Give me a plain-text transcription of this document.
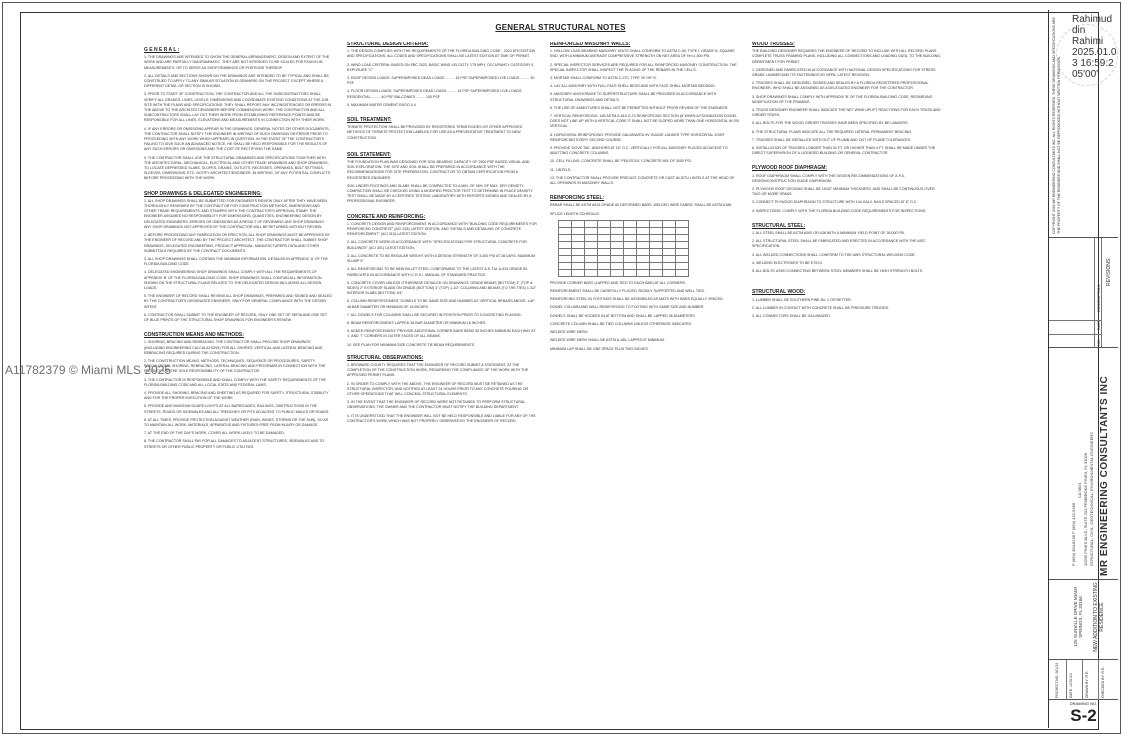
GENERAL STRUCTURAL NOTES
G E N E R A L :
1. THE DRAWINGS ARE INTENDED TO SHOW THE GENERAL ARRANGEMENT, DESIGN AND EXTENT OF THE WORK AND ARE PARTIALLY DIAGRAMMATIC. THEY ARE NOT INTENDED TO BE SCALED FOR ROUGH-IN MEASUREMENTS, OR TO SERVE AS SHOP DRAWINGS OR PORTIONS THEREOF.
2. ALL DETAILS AND SECTIONS SHOWN ON THE DRAWINGS ARE INTENDED TO BE TYPICAL AND SHALL BE CONSTRUED TO APPLY TO ANY SIMILAR SITUATION ELSEWHERE ON THE PROJECT, EXCEPT WHERE A DIFFERENT DETAIL OR SECTION IS SHOWN.
3. PRIOR TO START OF CONSTRUCTION, THE CONTRACTOR AND ALL THE SUBCONTRACTORS SHALL VERIFY ALL GRADES, LINES, LEVELS, DIMENSIONS AND COORDINATE EXISTING CONDITIONS AT THE JOB SITE WITH THE PLANS AND SPECIFICATIONS. THEY SHALL REPORT ANY INCONSISTENCIES OR ERRORS IN THE ABOVE TO THE ARCHITECT/ENGINEER BEFORE COMMENCING WORK. THE CONTRACTOR AND ALL SUBCONTRACTORS SHALL LAY OUT THEIR WORK FROM ESTABLISHED REFERENCE POINTS AND BE RESPONSIBLE FOR ALL LINES, ELEVATIONS AND MEASUREMENTS IN CONNECTION WITH THEIR WORK.
4. IF ANY ERRORS OR OMISSIONS APPEAR IN THE DRAWINGS, GENERAL NOTES OR OTHER DOCUMENTS, THE CONTRACTOR SHALL NOTIFY THE ENGINEER IN WRITING OF SUCH OMISSION OR ERROR PRIOR TO PROCEEDING WITH ANY WORK WHICH APPEARS IN QUESTION. IN THE EVENT OF THE CONTRACTOR'S FAILING TO GIVE SUCH AN ADVANCED NOTICE, HE SHALL BE HELD RESPONSIBLE FOR THE RESULTS OF ANY SUCH ERRORS OR OMISSIONS AND THE COST OF RECTIFYING THE SAME.
5. THE CONTRACTOR SHALL USE THE STRUCTURAL DRAWINGS AND SPECIFICATIONS TOGETHER WITH THE ARCHITECTURAL, MECHANICAL, ELECTRICAL AND OTHER TRADE DRAWINGS AND SHOP DRAWINGS, TO LOCATE DEPRESSED SLABS, SLOPES, DRAINS, OUTLETS, RECESSES, OPENINGS, BOLT SETTINGS, SLEEVES, DIMENSIONS, ETC. NOTIFY ARCHITECT/ENGINEER, IN WRITING, OF ANY POTENTIAL CONFLICTS BEFORE PROCEEDING WITH THE WORK.
SHOP DRAWINGS & DELEGATED ENGINEERING:
1. ALL SHOP DRAWINGS SHALL BE SUBMITTED FOR ENGINEER'S REVIEW ONLY AFTER THEY HAVE BEEN THOROUGHLY REVIEWED BY THE CONTRACTOR FOR CONSTRUCTION METHODS, DIMENSIONS AND OTHER TRADE REQUIREMENTS, AND STAMPED WITH THE CONTRACTOR'S APPROVAL STAMP. THE ENGINEER ASSUMES NO RESPONSIBILITY FOR DIMENSIONS, QUANTITIES, ENGINEERING DESIGN BY DELEGATED ENGINEERS, ERRORS OR OMISSIONS AS A RESULT OF REVIEWING ANY SHOP DRAWINGS. ANY SHOP DRAWINGS NOT APPROVED BY THE CONTRACTOR WILL BE RETURNED WITHOUT REVIEW.
2. BEFORE PROCEEDING ANY FABRICATION OR ERECTION, ALL SHOP DRAWINGS MUST BE APPROVED BY THE ENGINEER OF RECORD AND BY THE PROJECT ARCHITECT. THE CONTRACTOR SHALL SUBMIT SHOP DRAWINGS, DELEGATED ENGINEERING, PRODUCT APPROVAL, MANUFACTURERS DATA AND OTHER SUBMITTALS REQUIRED BY THE CONTRACT DOCUMENTS.
3. ALL SHOP DRAWINGS SHALL CONTAIN THE MINIMUM INFORMATION, DETAILED IN APPENDIX 'A' OF THE FLORIDA BUILDING CODE.
4. DELEGATED ENGINEERING SHOP DRAWINGS SHALL COMPLY WITH ALL THE REQUIREMENTS OF APPENDIX 'B' OF THE FLORIDA BUILDING CODE. SHOP DRAWINGS SHALL CONTAIN ALL INFORMATION SHOWN ON THE STRUCTURAL PLANS RELATED TO THE DELEGATED DESIGN INCLUDING ALL DESIGN LOADS.
5. THE ENGINEER OF RECORD SHALL REVIEW ALL SHOP DRAWINGS, PREPARED AND SIGNED AND SEALED BY THE CONTRACTOR'S DESIGNATED ENGINEER. ONLY FOR GENERAL COMPLIANCE WITH THE DESIGN INTENT.
6. CONTRACTOR SHALL SUBMIT TO THE ENGINEER OF RECORD, ONLY ONE SET OF SEPIA AND ONE SET OF BLUE PRINTS OF THE STRUCTURAL SHOP DRAWINGS FOR ENGINEER'S REVIEW.
CONSTRUCTION MEANS AND METHODS:
1. SHORING, BRACING AND REBRACING: THE CONTRACTOR SHALL PROVIDE SHOP DRAWINGS (INCLUDING ENGINEERING CALCULATIONS) FOR ALL SHORES, VERTICAL AND LATERAL BRACING AND REBRACING REQUIRED DURING THE CONSTRUCTION.
2. THE CONSTRUCTION MEANS, METHODS, TECHNIQUES, SEQUENCE OR PROCEDURES, SAFETY PRECAUTIONS, SHORING, REBRACING, LATERAL BRACING AND PROGRAMS IN CONNECTION WITH THE PROJECT, ARE THE SOLE RESPONSIBILITY OF THE CONTRACTOR.
3. THE CONTRACTOR IS RESPONSIBLE AND SHALL COMPLY WITH THE SAFETY REQUIREMENTS OF THE FLORIDA BUILDING CODE AND ALL LOCAL STATE AND FEDERAL LAWS.
4. PROVIDE ALL SHORING, BRACING AND SHEETING AS REQUIRED FOR SAFETY, STRUCTURAL STABILITY AND FOR THE PROPER EXECUTION OF THE WORK.
5. PROVIDE AND MAINTAIN GUARD LIGHTS AT ALL BARRICADES, RAILINGS, OBSTRUCTIONS IN THE STREETS, ROADS OR SIDEWALKS AND ALL TRENCHES OR PITS ADJACENT TO PUBLIC WALKS OR ROADS.
6. AT ALL TIMES, PROVIDE PROTECTION AGAINST WEATHER (RAIN, WINDS, STORMS OR THE SUN), SO AS TO MAINTAIN ALL WORK, MATERIALS, APPARATUS AND FIXTURES FREE FROM INJURY OR DAMAGE.
7. AT THE END OF THE DAY'S WORK, COVER ALL WORK LIKELY TO BE DAMAGED.
8. THE CONTRACTOR SHALL PAY FOR ALL DAMAGES TO ADJACENT STRUCTURES, SIDEWALKS AND TO STREETS OR OTHER PUBLIC PROPERTY OR PUBLIC UTILITIES.
STRUCTURAL DESIGN CRITERIA:
1. THE DESIGN COMPLIES WITH THE REQUIREMENTS OF THE FLORIDA BUILDING CODE - 2023 8TH EDITION AND SPECIFICATIONS. ALL CODES AND SPECIFICATIONS SHALL BE LATEST EDITION AT TIME OF PERMIT.
2. WIND LOAD CRITERIA: BASED ON FBC 2023. BASIC WIND VELOCITY 175 MPH, OCCUPANCY CATEGORY II, EXPOSURE "C"
3. ROOF DESIGN LOADS: SUPERIMPOSED DEAD LOADS ......... 15 PSF SUPERIMPOSED LIVE LOADS ......... 30 PSF
4. FLOOR DESIGN LOADS: SUPERIMPOSED DEAD LOADS ......... 15 PSF SUPERIMPOSED LIVE LOADS: RESIDENTIAL ......... 40 PSF BALCONIES ......... 100 PSF
5. MAXIMUM WATER CEMENT RATIO 0.4
SOIL TREATMENT:
TERMITE PROTECTION SHALL BE PROVIDED BY REGISTERED TERMITICIDES OR OTHER APPROVED METHODS OF TERMITE PROTECTION LABELED FOR USE AS A PREVENTATIVE TREATMENT TO NEW CONSTRUCTION.
SOIL STATEMENT:
THE FOUNDATION PLAN WAS DESIGNED FOR SOIL BEARING CAPACITY OF 2500 PSF BASED VISUAL AND SOIL EXPLORATION. THE SITE AND SOIL SHALL BE PREPARED IN ACCORDANCE WITH THE RECOMMENDATIONS FOR SITE PREPARATION. CONTRACTOR TO OBTAIN CERTIFICATION FROM A REGISTERED ENGINEER.
SOIL UNDER FOOTINGS AND SLABS SHALL BE COMPACTED TO A MIN. OF 95% OF MAX. DRY DENSITY. COMPACTION SHALL BE CHECKED USING A MODIFIED PROCTOR TEST TO DETERMINE IN PLACE DENSITY. TEST SHALL BE MADE BY A CERTIFIED TESTING LABORATORY WITH REPORTS SIGNED AND SEALED BY A PROFESSIONAL ENGINEER.
CONCRETE AND REINFORCING:
1. CONCRETE DESIGN AND REINFORCEMENT IN ACCORDANCE WITH "BUILDING CODE REQUIREMENTS FOR REINFORCED CONCRETE" (ACI 318) LATEST EDITION, AND "DETAILS AND DETAILING OF CONCRETE REINFORCEMENT" (ACI 315) LATEST EDITION.
2. ALL CONCRETE WORK IN ACCORDANCE WITH "SPECIFICATIONS FOR STRUCTURAL CONCRETE FOR BUILDINGS" (ACI 301) LATEST EDITION.
3. ALL CONCRETE TO BE REGULAR WEIGHT WITH A DESIGN STRENGTH OF 3,000 PSI AT 28 DAYS. MAXIMUM SLUMP 5".
4. ALL REINFORCING TO BE NEW BILLET STEEL CONFORMING TO THE LATEST A.S.T.M. A-615 GRADE 60. FABRICATED IN ACCORDANCE WITH C.R.S.I. MANUAL OF STANDARD PRACTICE.
5. CONCRETE COVER UNLESS OTHERWISE DETAILED ON DRAWINGS: GRADE BEAMS (BOTTOM) 3" (TOP & SIDES) 2" EXTERIOR SLABS ON GRADE (BOTTOM) 3" (TOP) 1-1/2" COLUMNS AND BEAMS (TO THE TIES) 1-1/2" INTERIOR SLABS (BOTTOM) 3/4"
6. COLUMN REINFORCEMENT: DOWELS TO BE SAME SIZE AND NUMBER AS VERTICAL REBARS ABOVE. LAP 48 BAR DIAMETER OR MINIMUM OF 18 INCHES.
7. ALL DOWELS FOR COLUMNS SHALL BE SECURED IN POSITION PRIOR TO CONCRETING PLACING.
8. BEAM REINFORCEMENT: LAPPED 36 BAR DIAMETER OR MINIMUM 18 INCHES.
9. ADDED REINFORCEMENT: PROVIDE ADDITIONAL CORNER BARS BEND 30 INCHES MINIMUM EACH WAY AT 'L' AND 'T' CORNERS IN OUTER FACES OF ALL BEAMS.
10. SEE PLAN FOR MINIMUM SIZE CONCRETE TIE BEAM REQUIREMENTS.
STRUCTURAL OBSERVATIONS:
1. BROWARD COUNTY REQUIRES THAT THE ENGINEER OF RECORD SUBMIT A STATEMENT, AT THE COMPLETION OF THE CONSTRUCTION WORK, REGARDING THE COMPLIANCE OF THE WORK WITH THE APPROVED PERMIT PLANS.
2. IN ORDER TO COMPLY WITH THE ABOVE, THE ENGINEER OF RECORD MUST BE RETAINED AS THE STRUCTURAL INSPECTOR, AND NOTIFIED AT LEAST 24 HOURS PRIOR TO ANY CONCRETE POURING OR OTHER OPERATIONS THAT WILL CONCEAL STRUCTURAL ELEMENTS.
3. IN THE EVENT THAT THE ENGINEER OF RECORD WERE NOT RETAINED TO PERFORM STRUCTURAL OBSERVATIONS, THE OWNER AND THE CONTRACTOR MUST NOTIFY THE BUILDING DEPARTMENT.
4. IT IS UNDERSTOOD THAT THE ENGINEER WILL NOT BE HELD RESPONSIBLE AND LIABLE FOR ANY OF THE CONTRACTOR'S WORK WHICH WAS NOT PROPERLY OBSERVED BY THE ENGINEER OF RECORD.
REINFORCED MASONRY WALLS:
1. HOLLOW LOAD-BEARING MASONRY UNITS SHALL CONFORM TO ASTM C-90, TYPE I, GRADE N, SQUARE END, WITH A MINIMUM AVERAGE COMPRESSIVE STRENGTH ON NET AREA OF f'm=1,500 PSI.
2. SPECIAL INSPECTOR SERVICES ARE REQUIRED FOR ALL REINFORCED MASONRY CONSTRUCTION. THE SPECIAL INSPECTOR SHALL INSPECT THE PLACING OF THE REBARS IN THE CELLS.
3. MORTAR SHALL CONFORM TO ASTM C-270, TYPE 'M' OR 'S'.
4. LAY ALL MASONRY WITH FULL FACE SHELL BEDS AND WITH FACE SHELL MORTAR BEDDING.
5. MASONRY ANCHORAGE TO SUPERSTRUCTURE SHALL BE PROVIDED IN ACCORDANCE WITH STRUCTURAL DRAWINGS AND DETAILS.
6. THE USE OF ADMIXTURES SHALL NOT BE PERMITTED WITHOUT PRIOR REVIEW OF THE ENGINEER.
7. VERTICAL REINFORCING: 1#5 ASTM A-615 G-70 REINFORCING SECTION @ WHEN A FOUNDATION DOWEL DOES NOT LINE UP WITH A VERTICAL CORE IT SHALL NOT BE SLOPED MORE THAN ONE HORIZONTAL IN SIX VERTICAL.
8. HORIZONTAL REINFORCING: PROVIDE GALVANIZED 9V GUAGE LADDER TYPE HORIZONTAL JOINT REINFORCING EVERY SECOND COURSE.
9. PROVIDE 'DOVE TAIL' ANCHORS AT 16" O.C. VERTICALLY FOR ALL MASONRY PLACED ADJACENT TO ABUTTING CONCRETE COLUMNS.
10. CELL FILLING: CONCRETE SHALL BE 'PEA ROCK' CONCRETE MIX OF 3000 PSI.
11. LINTELS.
12. THE CONTRACTOR SHALL PROVIDE PRECAST CONCRETE OR CAST-IN-SITU LINTELS AT THE HEAD OF ALL OPENINGS IN MASONRY WALLS.
REINFORCING STEEL:
REBAR SHALL BE ASTM A615 GRADE 60 DEFORMED BARS. WELDED WIRE FABRIC SHALL BE ASTM A185.
SPLICE LENGTH SCHEDULE:

PROVIDE CORNER BARS (LAPPED AND TIED TO EACH BAR) AT ALL CORNERS.
REINFORCEMENT SHALL BE CAREFULLY PLACED, RIGIDLY SUPPORTED AND WELL TIED.
REINFORCING STEEL IN FOOTINGS SHALL BE ASSEMBLED AS MATS WITH BARS EQUALLY SPACED.
DOWEL COLUMN AND WALL REINFORCING TO FOOTING WITH SAME SIZE AND NUMBER.
DOWELS SHALL BE HOOKED IN AT BOTTOM AND SHALL BE LAPPED 36 DIAMETERS.
CONCRETE COLUMN SHALL BE TIED COLUMNS UNLESS OTHERWISE INDICATED.
WELDED WIRE MESH:
WELDED WIRE MESH SHALL BE ASTM A-185. LAPPED 8" MINIMUM.
MINIMUM LAP SHALL BE ONE SPACE PLUS TWO INCHES.
WOOD TRUSSES:
THE BUILDING DESIGNER REQUIRES THE ENGINEER OF RECORD TO INCLUDE WITH ALL RECORD PLANS COMPLETE TRUSS FRAMING PLANS, INCLUDING ALL CONNECTIONS AND LOADING DATA, TO THE BUILDING DEPARTMENT FOR PERMIT.
1. DESIGNED AND FABRICATED IN ACCORDANCE WITH NATIONAL DESIGN SPECIFICATIONS FOR STRESS GRADE LUMBER AND ITS FASTENINGS BY NFPA, LATEST REVISION.
2. TRUSSES SHALL BE DESIGNED, SIGNED AND SEALED BY A FLORIDA REGISTERED PROFESSIONAL ENGINEER, WHO SHALL BE ASSIGNED AS A DELEGATED ENGINEER FOR THE CONTRACTOR.
3. SHOP DRAWINGS SHALL COMPLY WITH APPENDIX 'B' OF THE FLORIDA BUILDING CODE, REGARDING MODIFICATION OF THE FRAMING.
4. TRUSS DESIGNER ENGINEER SHALL INDICATE THE NET WIND UPLIFT REACTIONS FOR EACH TRUSS AND GIRDER TRUSS.
5. ALL BOLTS FOR THE WOOD GIRDER TRUSSES HAVE BEEN SPECIFIED BY BE LANDERS.
6. THE STRUCTURAL PLANS INDICATE ALL THE REQUIRED LATERAL PERMANENT BRACING.
7. TRUSSES SHALL BE INSTALLED WITH OUT OF PLUMB AND OUT OF PLANE TOLERANCES.
8. INSTALLATION OF TRUSSES LONGER THAN 30 FT. OR HIGHER THAN 4 FT. SHALL BE MADE UNDER THE DIRECT SUPERVISION OF A LICENSED BUILDING OR GENERAL CONTRACTOR.
PLYWOOD ROOF DIAPHRAGM:
1. ROOF DIAPHRAGM SHALL COMPLY WITH THE DESIGN RECOMMENDATIONS OF A.P.A. DESIGN/CONSTRUCTION GUIDE DIAPHRAGM.
2. PLYWOOD ROOF DECKING SHALL BE 19/32" MINIMUM THICKNESS, AND SHALL BE CONTINUOUS OVER TWO OR MORE SPANS.
3. CONNECT PLYWOOD DIAPHRAGM TO STRUCTURE WITH 10d GALV. NAILS SPACED AT 6" O.C.
4. INSPECTIONS: COMPLY WITH THE FLORIDA BUILDING CODE REQUIREMENTS FOR INSPECTIONS.
STRUCTURAL STEEL:
1. ALL STEEL SHALL BE ASTM A992 OR A36 WITH A MINIMUM YIELD POINT OF 36,000 PSI.
2. ALL STRUCTURAL STEEL SHALL BE FABRICATED AND ERECTED IN ACCORDANCE WITH THE AISC SPECIFICATION.
3. ALL WELDED CONNECTIONS SHALL CONFORM TO THE AWS STRUCTURAL WELDING CODE.
4. WELDING ELECTRODES TO BE E70XX.
5. ALL BOLTS USED CONNECTING BETWEEN STEEL MEMBERS SHALL BE HIGH STRENGTH BOLTS.
STRUCTURAL WOOD:
1. LUMBER SHALL BE SOUTHERN PINE No. 2 OR BETTER.
2. ALL LUMBER IN CONTACT WITH CONCRETE SHALL BE PRESSURE TREATED.
3. ALL CONNECTORS SHALL BE GALVANIZED.
COPYRIGHT 2024 MR ENGINEERING CONSULTANTS INC. ALL RIGHTS RESERVED. THESE DRAWINGS AND SPECIFICATIONS ARE THE PROPERTY OF THE ENGINEER AND SHALL NOT BE REPRODUCED WITHOUT WRITTEN PERMISSION.
REVISIONS:
NO.
DATE
DESCRIPTION
MR ENGINEERING CONSULTANTS INC
STRUCTURAL, CIVIL, GEOTECHNICAL, ENVIRONMENTAL ENGINEERS
10205 PINES BLVD, SUITE 201 PEMBROKE PINES, FL 33026
CA 9824
P (954) 364-8235 F (954) 432-9366
NEW ADDITION TO EXISTING RESIDENCE
125 SUNVILLE DRIVE MIAMI SPRINGS, FL 33166
PROJECT NO: 501/24	DATE: 12/31/24	DRAWN BY: R.R.	CHECKED BY: R.R.
DRAWING NO.
S-2
Rahimud
din
Rahimi
2025.01.0
3 16:59:2
05'00'
A11782379 © Miami MLS 2025
